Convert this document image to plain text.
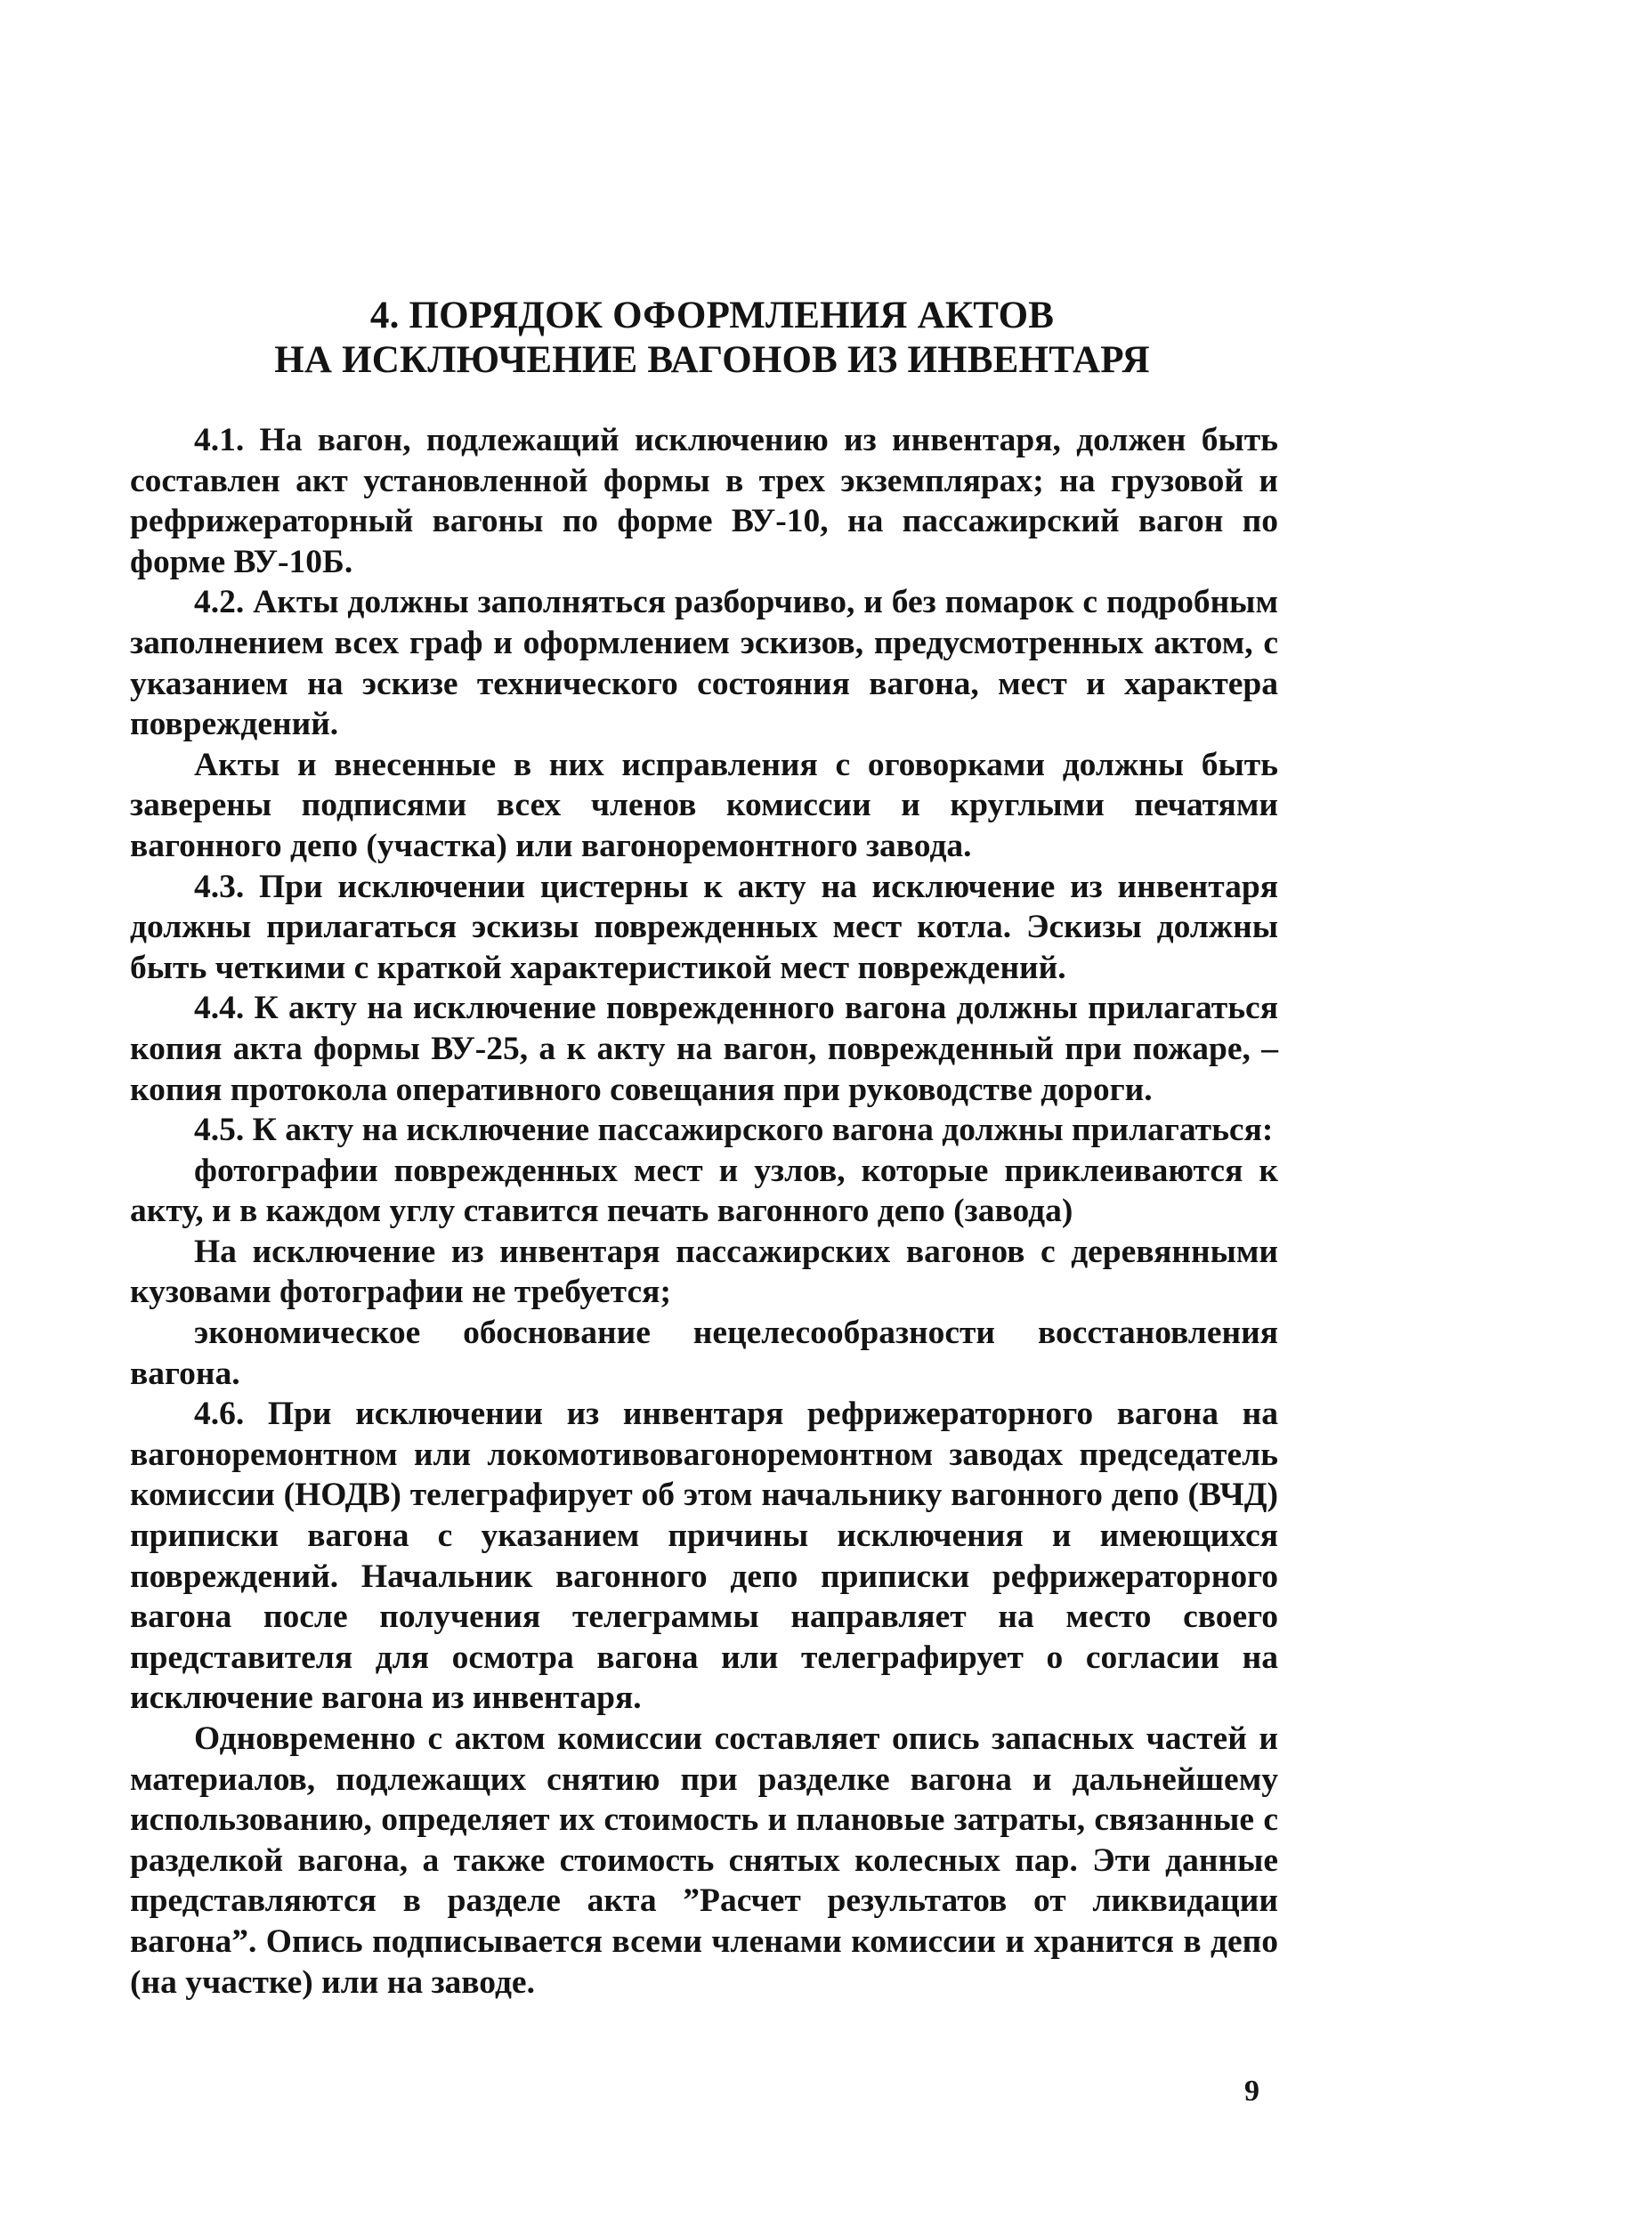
4. ПОРЯДОК ОФОРМЛЕНИЯ АКТОВ
НА ИСКЛЮЧЕНИЕ ВАГОНОВ ИЗ ИНВЕНТАРЯ

4.1. На вагон, подлежащий исключению из инвентаря, должен быть составлен акт установленной формы в трех экземплярах; на грузовой и рефрижераторный вагоны по форме ВУ-10, на пассажирский вагон по форме ВУ-10Б.

4.2. Акты должны заполняться разборчиво, и без помарок с подробным заполнением всех граф и оформлением эскизов, предусмотренных актом, с указанием на эскизе технического состояния вагона, мест и характера повреждений.

Акты и внесенные в них исправления с оговорками должны быть заверены подписями всех членов комиссии и круглыми печатями вагонного депо (участка) или вагоноремонтного завода.

4.3. При исключении цистерны к акту на исключение из инвентаря должны прилагаться эскизы поврежденных мест котла. Эскизы должны быть четкими с краткой характеристикой мест повреждений.

4.4. К акту на исключение поврежденного вагона должны прилагаться копия акта формы ВУ-25, а к акту на вагон, поврежденный при пожаре, – копия протокола оперативного совещания при руководстве дороги.

4.5. К акту на исключение пассажирского вагона должны прилагаться:

фотографии поврежденных мест и узлов, которые приклеиваются к акту, и в каждом углу ставится печать вагонного депо (завода)

На исключение из инвентаря пассажирских вагонов с деревянными кузовами фотографии не требуется;

экономическое обоснование нецелесообразности восстановления вагона.

4.6. При исключении из инвентаря рефрижераторного вагона на вагоноремонтном или локомотивовагоноремонтном заводах председатель комиссии (НОДВ) телеграфирует об этом начальнику вагонного депо (ВЧД) приписки вагона с указанием причины исключения и имеющихся повреждений. Начальник вагонного депо приписки рефрижераторного вагона после получения телеграммы направляет на место своего представителя для осмотра вагона или телеграфирует о согласии на исключение вагона из инвентаря.

Одновременно с актом комиссии составляет опись запасных частей и материалов, подлежащих снятию при разделке вагона и дальнейшему использованию, определяет их стоимость и плановые затраты, связанные с разделкой вагона, а также стоимость снятых колесных пар. Эти данные представляются в разделе акта ”Расчет результатов от ликвидации вагона”. Опись подписывается всеми членами комиссии и хранится в депо (на участке) или на заводе.

9
